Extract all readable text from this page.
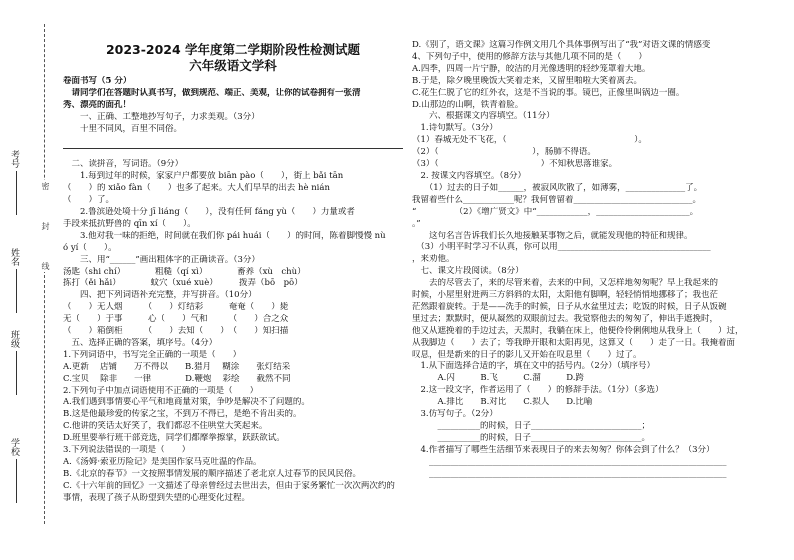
密　　　　封　　　　线
考号
姓名
班级
学校
2023-2024 学年度第二学期阶段性检测试题
六年级语文学科
卷面书写（5 分）
　请同学们在答题时认真书写，做到规范、端正、美观，让你的试卷拥有一张清
秀、漂亮的面孔！
　　一、正确、工整地抄写句子，力求美观。（3分）
　　十里不同风，百里不同俗。

　二、读拼音，写词语。（9分）
　　1.每到过年的时候，家家户户都要放 biān pào（　　），街上 bǎi tān
（　　）的 xiǎo fàn（　　）也多了起来。大人们早早的出去 hè nián
（　　）了。
　　2.鲁滨逊处境十分 jī liáng（　　），没有任何 fáng yù（　　）力量或者
手段来抵抗野兽的 qīn xí（　　）。
　　3.他对我一味的拒绝，时间就在我们你 pái huái（　　）的时间，陈着脚慢慢 nù
ó yí（　　）。
　　三、用“______”画出粗体字的正确读音。（3分）
汤匙（shi chí）　　　　粗糙（qí xì）　　　　畜养（xù　chù）
拣打（ěi hǎi）　　　　蚊穴（xué xuè）　　　拨弄（bō　pō）
　　四、把下列词语补充完整，并写拼音。（10分）
（　　）无人烟　　　（　　）灯结彩　　　奄奄（　　）毙
无（　　）于事　　　心（　　）气和　　　（　　）合之众
（　　）箱倒柜　　　（　　）去知（　　）　（　　）知扫描
　五、选择正确的答案，填序号。（4分）
1.下列词语中，书写完全正确的一项是（　　）
A.更新　 店铺　　万不得以　　B.猎月　 糊涂　　张灯结采
C.宝贝　 除非　　一律　　　　D.鞭炮　 彩绘　　截然不同
2.下列句子中加点词语使用不正确的一项是（　　）
A.我们遇到事情要心平气和地商量对策，争吵是解决不了问题的。
B.这是他最珍爱的传家之宝，不到万不得已，是绝不肯出卖的。
C.他讲的笑话太好笑了，我们都忍不住哄堂大笑起来。
D.班里要举行班干部竞选，同学们都摩拳擦掌，跃跃欲试。
3.下列说法错误的一项是（　　）
A.《汤姆·索亚历险记》是美国作家马克吐温的作品。
B.《北京的春节》一文按照事情发展的顺序描述了老北京人过春节的民风民俗。
C.《十六年前的回忆》一文描述了母亲曾经过去世出去，但由于家务繁忙一次次两次约的
事情，表现了孩子从盼望到失望的心理变化过程。
D.《别了，语文课》这篇习作例文用几个具体事例写出了“我”对语文课的情感变
4、下列句子中，使用的修辞方法与其他几项不同的是（　　）
A.四季，四周一片宁静，皎洁的月光像透明的轻纱笼罩着大地。
B.于是，除夕晚里晚饭大笑着走来，又留里啪啦大笑着离去。
C.花生仁脱了它的红外衣，这是不当说的事。镜巴，正像里叫锅边一圈。
D.山那边的山啊，铁青着脸。
　　六、根据课文内容填空。（11分）
　1.诗句默写。（3分）
（1）春城无处不飞花，（　　　　　　　　　　　　　　　）。
（2）（　　　　　　　　　　　），肠肺不得语。
（3）（　　　　　　　　　　　　）不知秋思落谁家。
　2. 按课文内容填空。（8分）
　　（1）过去的日子如______，被寂风吹散了，如薄雾，______________了。
我留着些什么____________呢？我何曾留着____________________________。
“　　　　　（2）《增广贤文》中“____________，______________________。
。”
　　这句名言告诉我们长久地接触某事物之后，就能发现他的特征和规律。
　（3）小明平时学习不认真，你可以用____________________________________
，来劝他。
　七、课文片段阅读。（8分）
　　去的尽管去了，来的尽管来着，去来的中间，又怎样地匆匆呢？早上我起来的
时候，小屋里射进两三方斜斜的太阳，太阳他有脚啊，轻轻悄悄地挪移了；我也茫
茫然跟着旋转。于是——洗手的时候，日子从水盆里过去；吃饭的时候，日子从饭碗
里过去；默默时，便从凝然的双眼前过去。我觉察他去的匆匆了，伸出手遮挽时，
他又从遮挽着的手边过去，天黑时，我躺在床上，他便伶伶俐俐地从我身上（　　）过，
从我脚边（　　）去了；等我睁开眼和太阳再见，这算又（　　）走了一日。我掩着面
叹息，但是新来的日子的影儿又开始在叹息里（　　）过了。
　1.从下面选择合适的字，填在文中的括号内。（2分）（填序号）
　　　A.闪　　　B.飞　　　C.溜　　　D.跨
　2.这一段文字，作者运用了（　　）的修辞手法。（1分）（多选）
　　　A.排比　　B.对比　　C.拟人　　D.比喻
　3.仿写句子。（2分）
　　　__________的时候，日子__________________________；
　　　__________的时候，日子__________________________。
　4.作者描写了哪些生活细节来表现日子的来去匆匆？你体会到了什么？（3分）
　　______________________________________________________________________
　　______________________________________________________________________
